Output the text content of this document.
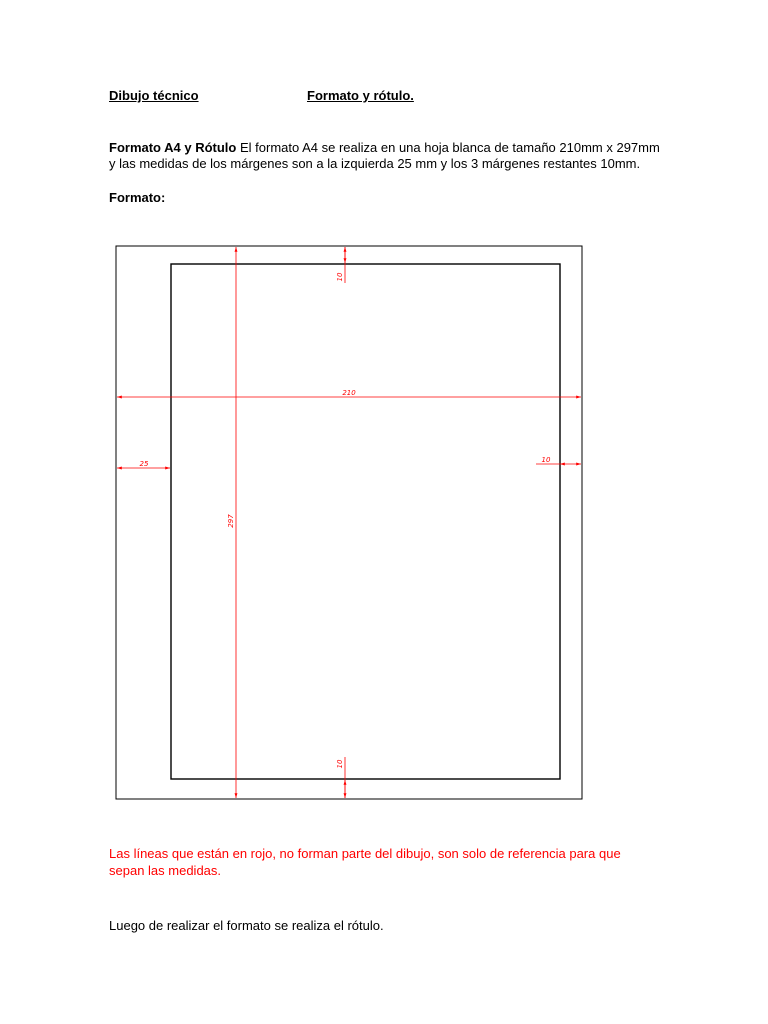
Dibujo técnico	Formato y rótulo.
Formato A4 y Rótulo El formato A4 se realiza en una hoja blanca de tamaño 210mm x 297mm
y las medidas de los márgenes son a la izquierda 25 mm y los 3 márgenes restantes 10mm.
Formato:
210
297
25	10
10
10
Las líneas que están en rojo, no forman parte del dibujo, son solo de referencia para que
sepan las medidas.
Luego de realizar el formato se realiza el rótulo.
